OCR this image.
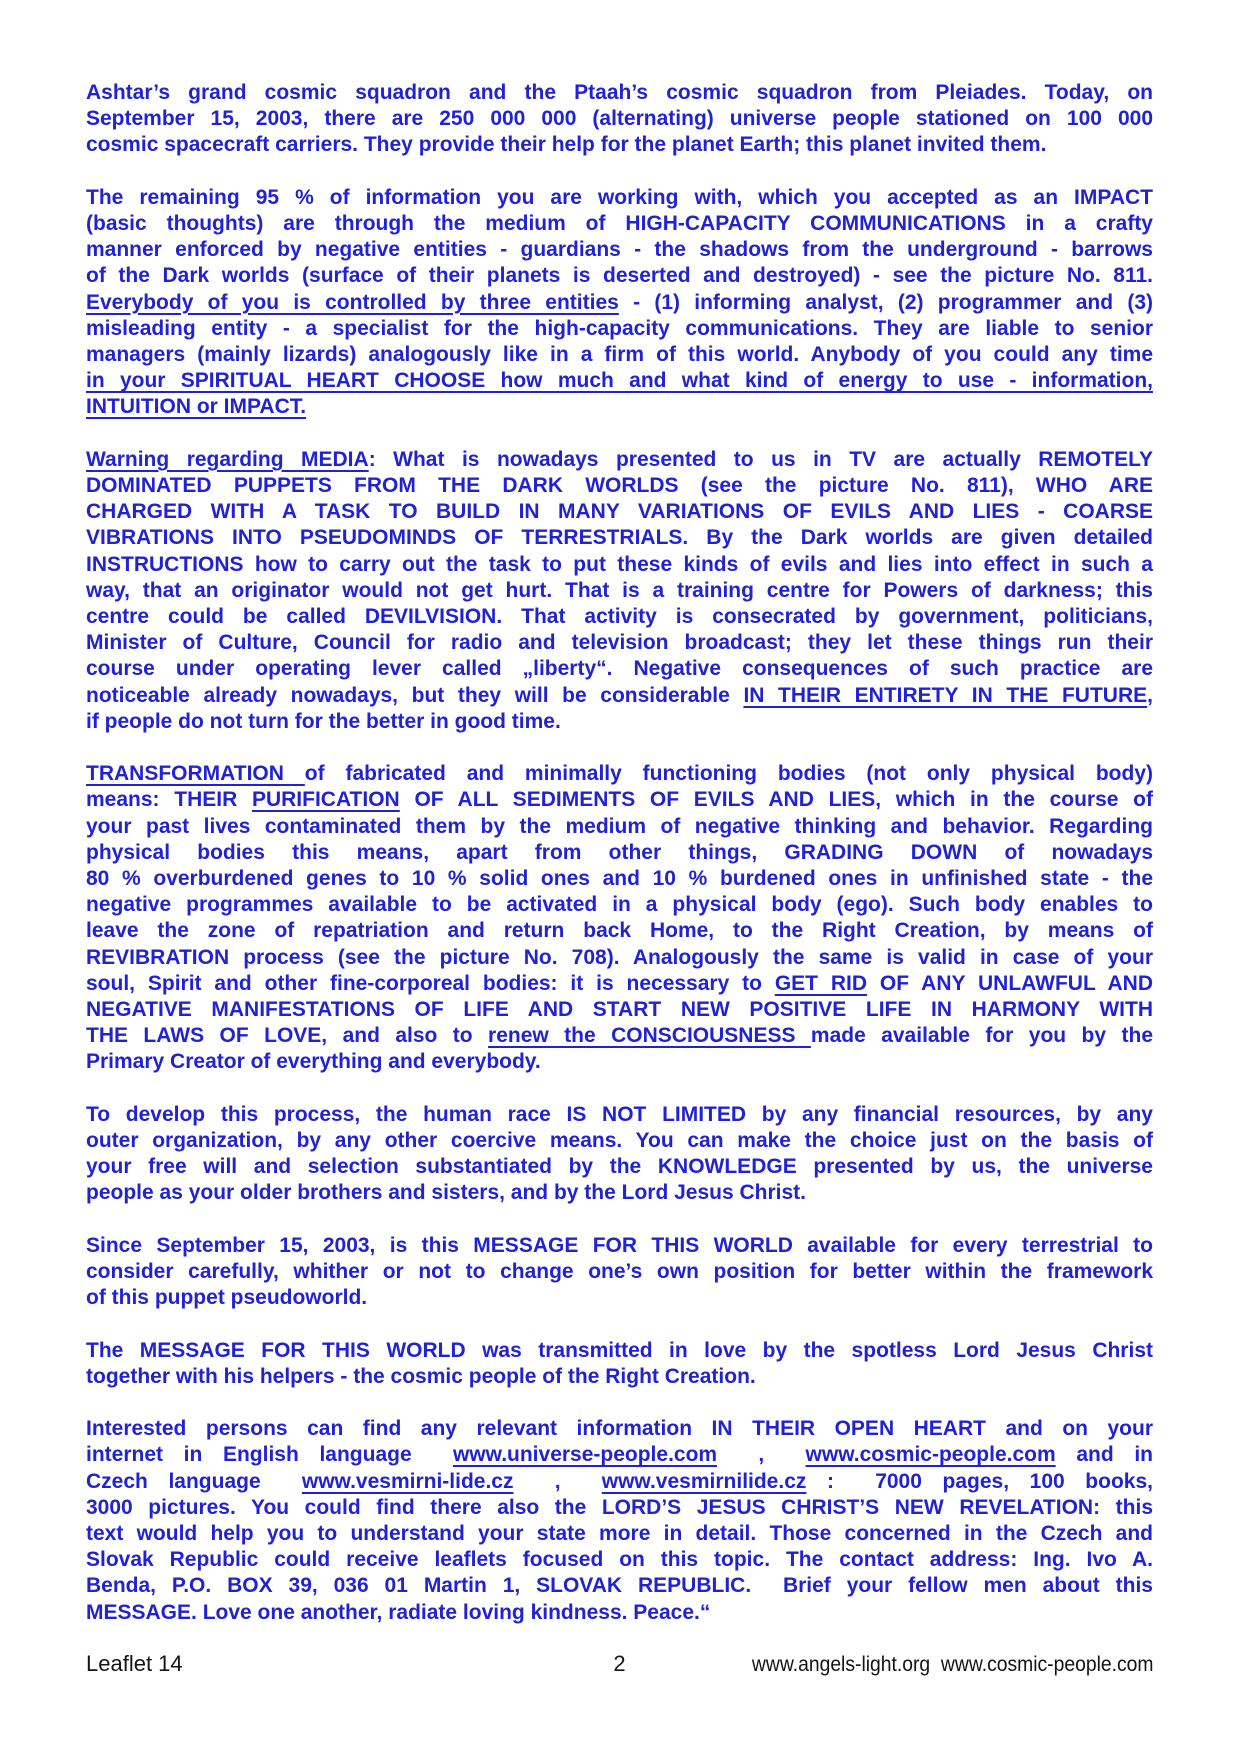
Ashtar’s grand cosmic squadron and the Ptaah’s cosmic squadron from Pleiades. Today, on
September 15, 2003, there are 250 000 000 (alternating) universe people stationed on 100 000
cosmic spacecraft carriers. They provide their help for the planet Earth; this planet invited them.
The remaining 95 % of information you are working with, which you accepted as an IMPACT
(basic thoughts) are through the medium of HIGH-CAPACITY COMMUNICATIONS in a crafty
manner enforced by negative entities - guardians - the shadows from the underground - barrows
of the Dark worlds (surface of their planets is deserted and destroyed) - see the picture No. 811.
Everybody of you is controlled by three entities - (1) informing analyst, (2) programmer and (3)
misleading entity - a specialist for the high-capacity communications. They are liable to senior
managers (mainly lizards) analogously like in a firm of this world. Anybody of you could any time
in your SPIRITUAL HEART CHOOSE how much and what kind of energy to use - information,
INTUITION or IMPACT.
Warning regarding MEDIA: What is nowadays presented to us in TV are actually REMOTELY
DOMINATED PUPPETS FROM THE DARK WORLDS (see the picture No. 811), WHO ARE
CHARGED WITH A TASK TO BUILD IN MANY VARIATIONS OF EVILS AND LIES - COARSE
VIBRATIONS INTO PSEUDOMINDS OF TERRESTRIALS. By the Dark worlds are given detailed
INSTRUCTIONS how to carry out the task to put these kinds of evils and lies into effect in such a
way, that an originator would not get hurt. That is a training centre for Powers of darkness; this
centre could be called DEVILVISION. That activity is consecrated by government, politicians,
Minister of Culture, Council for radio and television broadcast; they let these things run their
course under operating lever called „liberty“. Negative consequences of such practice are
noticeable already nowadays, but they will be considerable IN THEIR ENTIRETY IN THE FUTURE,
if people do not turn for the better in good time.
TRANSFORMATION of fabricated and minimally functioning bodies (not only physical body)
means: THEIR PURIFICATION OF ALL SEDIMENTS OF EVILS AND LIES, which in the course of
your past lives contaminated them by the medium of negative thinking and behavior. Regarding
physical bodies this means, apart from other things, GRADING DOWN of nowadays
80 % overburdened genes to 10 % solid ones and 10 % burdened ones in unfinished state - the
negative programmes available to be activated in a physical body (ego). Such body enables to
leave the zone of repatriation and return back Home, to the Right Creation, by means of
REVIBRATION process (see the picture No. 708). Analogously the same is valid in case of your
soul, Spirit and other fine-corporeal bodies: it is necessary to GET RID OF ANY UNLAWFUL AND
NEGATIVE MANIFESTATIONS OF LIFE AND START NEW POSITIVE LIFE IN HARMONY WITH
THE LAWS OF LOVE, and also to renew the CONSCIOUSNESS made available for you by the
Primary Creator of everything and everybody.
To develop this process, the human race IS NOT LIMITED by any financial resources, by any
outer organization, by any other coercive means. You can make the choice just on the basis of
your free will and selection substantiated by the KNOWLEDGE presented by us, the universe
people as your older brothers and sisters, and by the Lord Jesus Christ.
Since September 15, 2003, is this MESSAGE FOR THIS WORLD available for every terrestrial to
consider carefully, whither or not to change one’s own position for better within the framework
of this puppet pseudoworld.
The MESSAGE FOR THIS WORLD was transmitted in love by the spotless Lord Jesus Christ
together with his helpers - the cosmic people of the Right Creation.
Interested persons can find any relevant information IN THEIR OPEN HEART and on your
internet in English language  www.universe-people.com  ,  www.cosmic-people.com and in
Czech language  www.vesmirni-lide.cz  ,  www.vesmirnilide.cz :  7000 pages, 100 books,
3000 pictures. You could find there also the LORD’S JESUS CHRIST’S NEW REVELATION: this
text would help you to understand your state more in detail. Those concerned in the Czech and
Slovak Republic could receive leaflets focused on this topic. The contact address: Ing. Ivo A.
Benda, P.O. BOX 39, 036 01 Martin 1, SLOVAK REPUBLIC.  Brief your fellow men about this
MESSAGE. Love one another, radiate loving kindness. Peace.“
Leaflet 14	2	www.angels-light.org  www.cosmic-people.com
